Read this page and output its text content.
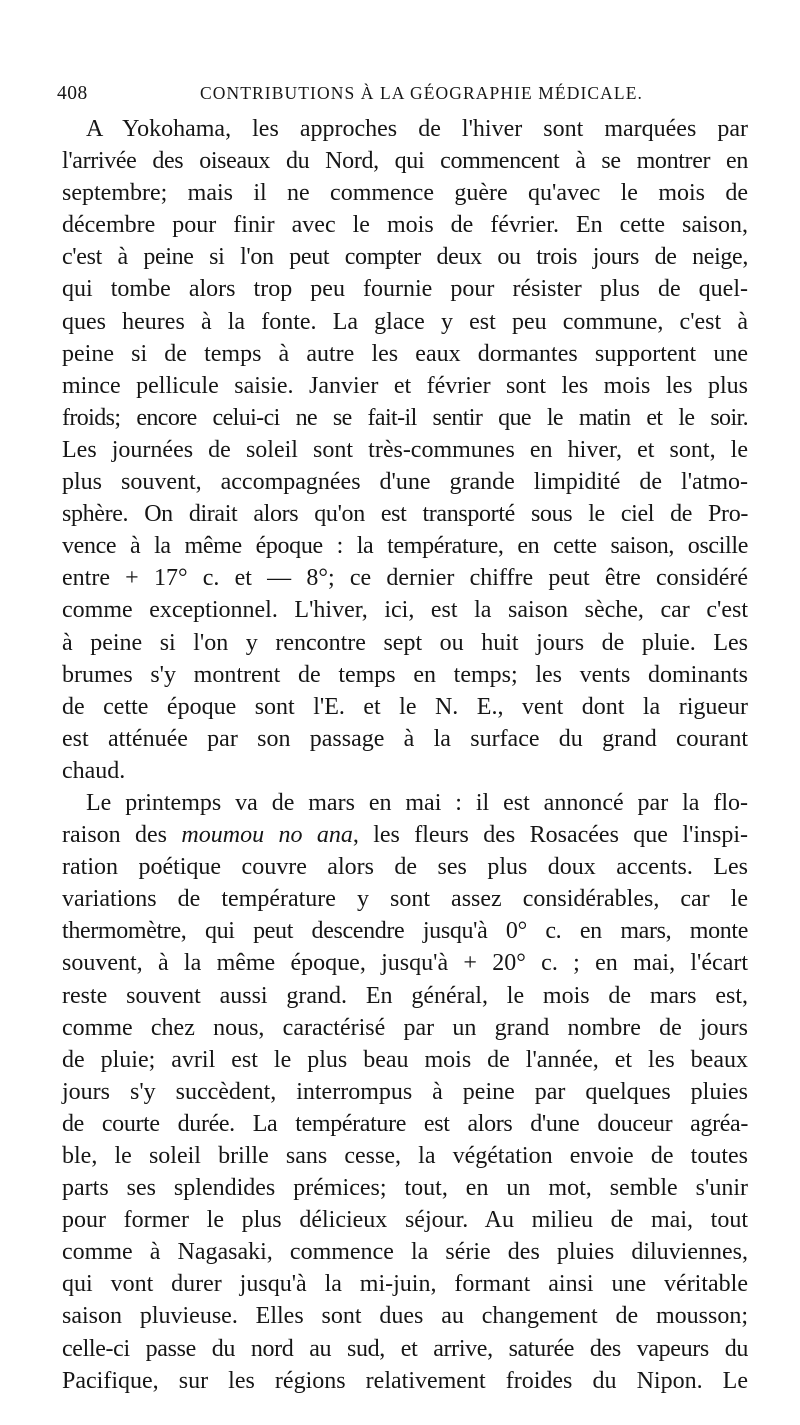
408	CONTRIBUTIONS À LA GÉOGRAPHIE MÉDICALE.
A Yokohama, les approches de l'hiver sont marquées par
l'arrivée des oiseaux du Nord, qui commencent à se montrer en
septembre; mais il ne commence guère qu'avec le mois de
décembre pour finir avec le mois de février. En cette saison,
c'est à peine si l'on peut compter deux ou trois jours de neige,
qui tombe alors trop peu fournie pour résister plus de quel-
ques heures à la fonte. La glace y est peu commune, c'est à
peine si de temps à autre les eaux dormantes supportent une
mince pellicule saisie. Janvier et février sont les mois les plus
froids; encore celui-ci ne se fait-il sentir que le matin et le soir.
Les journées de soleil sont très-communes en hiver, et sont, le
plus souvent, accompagnées d'une grande limpidité de l'atmo-
sphère. On dirait alors qu'on est transporté sous le ciel de Pro-
vence à la même époque : la température, en cette saison, oscille
entre + 17° c. et — 8°; ce dernier chiffre peut être considéré
comme exceptionnel. L'hiver, ici, est la saison sèche, car c'est
à peine si l'on y rencontre sept ou huit jours de pluie. Les
brumes s'y montrent de temps en temps; les vents dominants
de cette époque sont l'E. et le N. E., vent dont la rigueur
est atténuée par son passage à la surface du grand courant
chaud.
Le printemps va de mars en mai : il est annoncé par la flo-
raison des moumou no ana, les fleurs des Rosacées que l'inspi-
ration poétique couvre alors de ses plus doux accents. Les
variations de température y sont assez considérables, car le
thermomètre, qui peut descendre jusqu'à 0° c. en mars, monte
souvent, à la même époque, jusqu'à + 20° c. ; en mai, l'écart
reste souvent aussi grand. En général, le mois de mars est,
comme chez nous, caractérisé par un grand nombre de jours
de pluie; avril est le plus beau mois de l'année, et les beaux
jours s'y succèdent, interrompus à peine par quelques pluies
de courte durée. La température est alors d'une douceur agréa-
ble, le soleil brille sans cesse, la végétation envoie de toutes
parts ses splendides prémices; tout, en un mot, semble s'unir
pour former le plus délicieux séjour. Au milieu de mai, tout
comme à Nagasaki, commence la série des pluies diluviennes,
qui vont durer jusqu'à la mi-juin, formant ainsi une véritable
saison pluvieuse. Elles sont dues au changement de mousson;
celle-ci passe du nord au sud, et arrive, saturée des vapeurs du
Pacifique, sur les régions relativement froides du Nipon. Le
